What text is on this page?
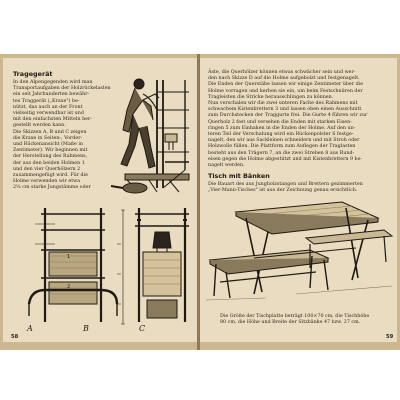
Tragegerät
In den Alpengegenden wird man
Transportaufgaben der Holzrückelasten
ein seit Jahrhunderten bewähr-
tes Traggerät („Kraxe") be-
nützt, das auch an der Front
vielseitig verwendbar ist und
mit den einfachsten Mitteln her-
gestellt werden kann.
Die Skizzen A, B und C zeigen
die Kraxe in Seiten-, Vorder-
und Rückenansicht (Maße in
Zentimeter). Wir beginnen mit
der Herstellung des Rahmens,
der aus den beiden Holmen 1
und den vier Querhölzern 2
zusammengefügt wird. Für die
Holme verwenden wir etwa
2¼ cm starke Jungstämme oder
58
A	B	C
1
2
Äste, die Querhölzer können etwas schwächer sein und wer-
den nach Skizze D auf die Holme aufgebolzt und festgenagelt.
Die Enden der Querstäbe lassen wir einige Zentimeter über die
Holme vorragen und kerben sie ein, um beim Festschnüren der
Tragleisten die Stricke herausschlingen zu können.
Nun verschalen wir die zwei unteren Fache des Rahmens mit
schwachem Kistenbrettern 3 und lassen oben einen Ausschnitt
zum Durchstecken der Traggurte frei. Die Gurte 4 führen wir zur
Querholz 2 fest und versehen die Enden mit starken Eisen-
ringen 5 zum Einhaken in die Enden der Holme. Auf den un-
teren Teil der Verschalung wird ein Rückenpolster 6 festge-
nagelt, den wir aus Sackleinen schneidern und mit Stroh oder
Holzwolle füllen. Die Plattform zum Auflegen der Traglasten
besteht aus den Trägern 7, an die zwei Streben 8 aus Rund-
eisen gegen die Holme abgestützt und mit Kistenbrettern 9 be-
nagelt werden.
Tisch mit Bänken
Die Bauart des aus Jungholzstangen und Brettern gezimmerten
„Vier-Mann-Tisches" ist aus der Zeichnung genau ersichtlich.
Die Größe der Tischplatte beträgt 100×70 cm, die Tischhöhe
80 cm, die Höhe und Breite der Sitzbänke 47 bzw. 27 cm.
59
